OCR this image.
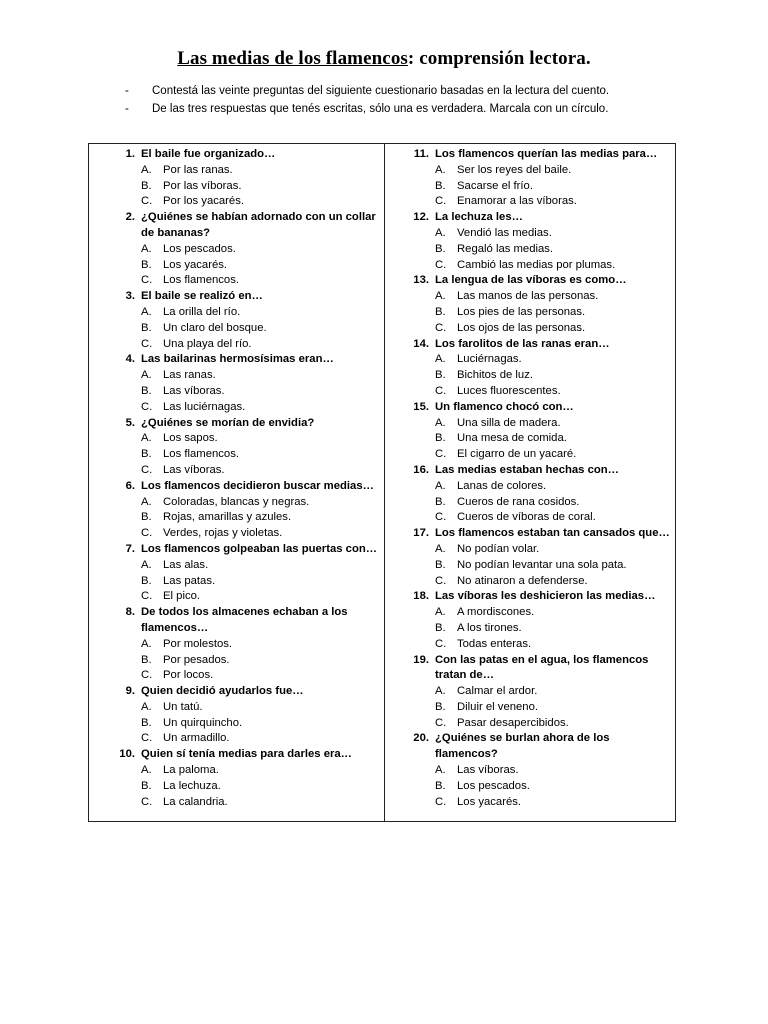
Las medias de los flamencos: comprensión lectora.
- Contestá las veinte preguntas del siguiente cuestionario basadas en la lectura del cuento.
- De las tres respuestas que tenés escritas, sólo una es verdadera. Marcala con un círculo.
1. El baile fue organizado…
A. Por las ranas.
B. Por las víboras.
C. Por los yacarés.
2. ¿Quiénes se habían adornado con un collar de bananas?
A. Los pescados.
B. Los yacarés.
C. Los flamencos.
3. El baile se realizó en…
A. La orilla del río.
B. Un claro del bosque.
C. Una playa del río.
4. Las bailarinas hermosísimas eran…
A. Las ranas.
B. Las víboras.
C. Las luciérnagas.
5. ¿Quiénes se morían de envidia?
A. Los sapos.
B. Los flamencos.
C. Las víboras.
6. Los flamencos decidieron buscar medias…
A. Coloradas, blancas y negras.
B. Rojas, amarillas y azules.
C. Verdes, rojas y violetas.
7. Los flamencos golpeaban las puertas con…
A. Las alas.
B. Las patas.
C. El pico.
8. De todos los almacenes echaban a los flamencos…
A. Por molestos.
B. Por pesados.
C. Por locos.
9. Quien decidió ayudarlos fue…
A. Un tatú.
B. Un quirquincho.
C. Un armadillo.
10. Quien sí tenía medias para darles era…
A. La paloma.
B. La lechuza.
C. La calandria.
11. Los flamencos querían las medias para…
A. Ser los reyes del baile.
B. Sacarse el frío.
C. Enamorar a las víboras.
12. La lechuza les…
A. Vendió las medias.
B. Regaló las medias.
C. Cambió las medias por plumas.
13. La lengua de las víboras es como…
A. Las manos de las personas.
B. Los pies de las personas.
C. Los ojos de las personas.
14. Los farolitos de las ranas eran…
A. Luciérnagas.
B. Bichitos de luz.
C. Luces fluorescentes.
15. Un flamenco chocó con…
A. Una silla de madera.
B. Una mesa de comida.
C. El cigarro de un yacaré.
16. Las medias estaban hechas con…
A. Lanas de colores.
B. Cueros de rana cosidos.
C. Cueros de víboras de coral.
17. Los flamencos estaban tan cansados que…
A. No podían volar.
B. No podían levantar una sola pata.
C. No atinaron a defenderse.
18. Las víboras les deshicieron las medias…
A. A mordiscones.
B. A los tirones.
C. Todas enteras.
19. Con las patas en el agua, los flamencos tratan de…
A. Calmar el ardor.
B. Diluir el veneno.
C. Pasar desapercibidos.
20. ¿Quiénes se burlan ahora de los flamencos?
A. Las víboras.
B. Los pescados.
C. Los yacarés.
